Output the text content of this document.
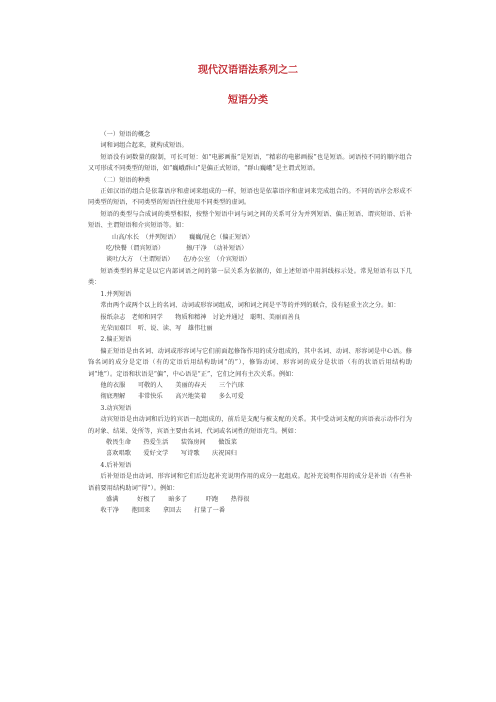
现代汉语语法系列之二
短语分类

（一）短语的概念

词和词组合起来，就构成短语。

短语没有词数量的限制，可长可短：如“电影画报”是短语，“精彩的电影画报”也是短语。词语按不同的顺序组合又可形成不同类型的短语，如“巍峨群山”是偏正式短语，“群山巍峨”是主谓式短语。

（二）短语的种类

正如汉语的组合是依靠语序和虚词来组成的一样，短语也是依靠语序和虚词来完成组合的。不同的语序会形成不同类型的短语，不同类型的短语往往使用不同类型的虚词。

短语的类型与合成词的类型相似，按整个短语中词与词之间的关系可分为并列短语、偏正短语、谓宾短语、后补短语、主谓短语和介宾短语等。如：

山高/水长　（并列短语）　　巍巍/昆仑（偏正短语）

吃/快餐（谓宾短语）　　　　擦/干净　（动补短语）

谈吐/大方　（主谓短语）　　在/办公室　（介宾短语）

短语类型的界定是以它内部词语之间的第一层关系为依据的，如上述短语中用斜线标示处。常见短语有以下几类：

1.并列短语

常由两个或两个以上的名词、动词或形容词组成，词和词之间是平等的并列的联合，没有轻重主次之分。如：

报纸杂志　老师和同学　　物质和精神　讨论并通过　聪明、美丽而善良

光荣而艰巨　听、说、读、写　雄伟壮丽

2.偏正短语

偏正短语是由名词、动词或形容词与它们前面起修饰作用的成分组成的，其中名词、动词、形容词是中心语。修饰名词的成分是定语（有的定语后用结构助词“的”），修饰动词、形容词的成分是状语（有的状语后用结构助词“地”）。定语和状语是“偏”，中心语是“正”，它们之间有主次关系。例如：

他的衣服　　可敬的人　　美丽的春天　　三个汽球

彻底理解　　非常快乐　　高兴地笑着　　多么可爱

3.动宾短语

动宾短语是由动词和后边的宾语一起组成的，前后是支配与被支配的关系。其中受动词支配的宾语表示动作行为的对象、结果、处所等，宾语主要由名词、代词或名词性的短语充当。例如：

敬畏生命　　热爱生活　　装饰房间　　做饭菜

喜欢唱歌　　爱好文学　　写诗歌　　庆祝国归

4.后补短语

后补短语是由动词、形容词和它们后边起补充说明作用的成分一起组成。起补充说明作用的成分是补语（有些补语前要用结构助词“得”）。例如：

盛满　　　好极了　　暗多了　　　吓跑　　热得很

收干净　　抱回来　　拿回去　　打量了一番
